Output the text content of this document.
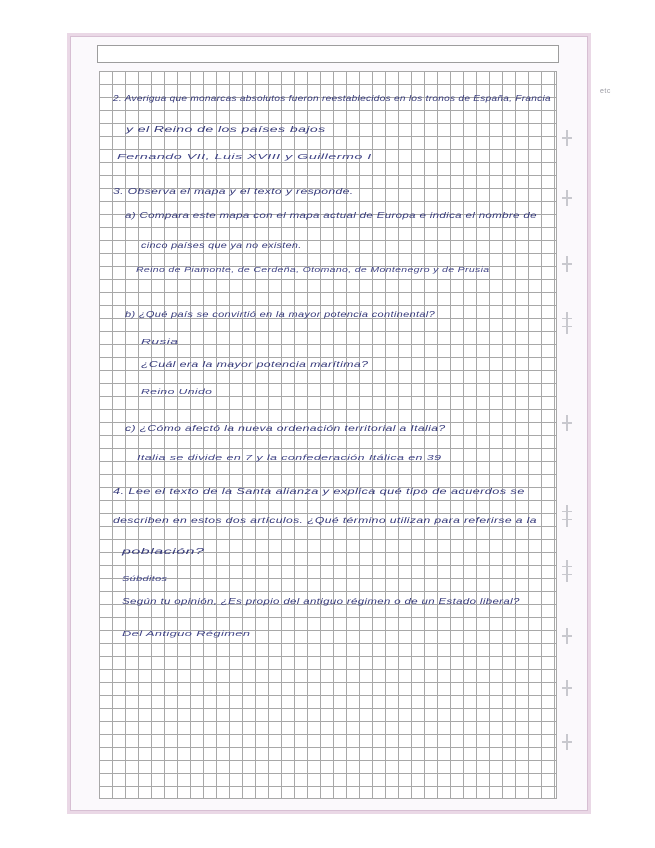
2. Averigua que monarcas absolutos fueron reestablecidos en los tronos de España, Francia
y el Reino de los países bajos
Fernando VII, Luis XVIII y Guillermo I
3. Observa el mapa y el texto y responde.
a) Compara este mapa con el mapa actual de Europa e indica el nombre de
cinco países que ya no existen.
Reino de Piamonte, de Cerdeña, Otomano, de Montenegro y de Prusia
b) ¿Qué país se convirtió en la mayor potencia continental?
Rusia
¿Cuál era la mayor potencia marítima?
Reino Unido
c) ¿Cómo afectó la nueva ordenación territorial a Italia?
Italia se divide en 7 y la confederación Itálica en 39
4. Lee el texto de la Santa alianza y explica qué tipo de acuerdos se
describen en estos dos artículos. ¿Qué término utilizan para referirse a la
población?
Súbditos
Según tu opinión, ¿Es propio del antiguo régimen o de un Estado liberal?
Del Antiguo Régimen
etc
